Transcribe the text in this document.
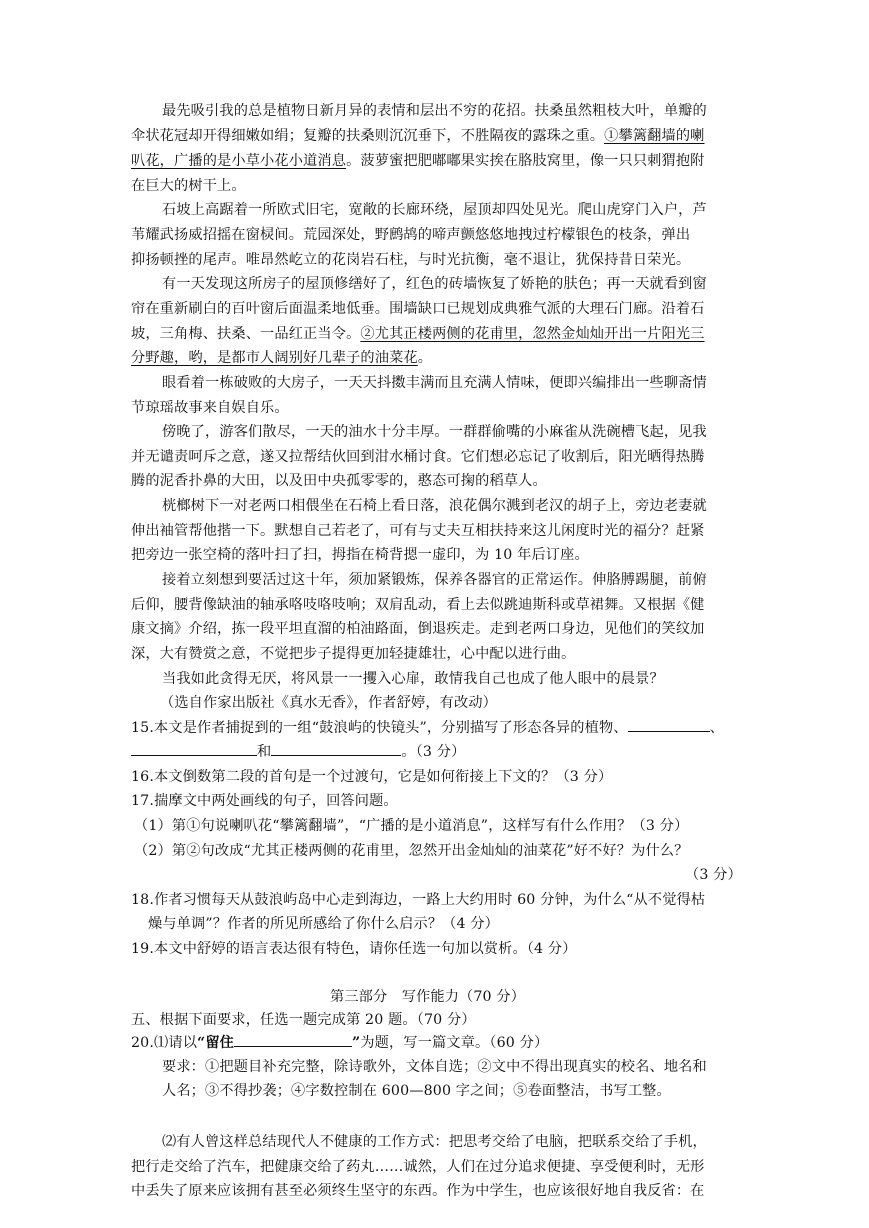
最先吸引我的总是植物日新月异的表情和层出不穷的花招。扶桑虽然粗枝大叶，单瓣的
伞状花冠却开得细嫩如绢；复瓣的扶桑则沉沉垂下，不胜隔夜的露珠之重。①攀篱翻墙的喇
叭花，广播的是小草小花小道消息。菠萝蜜把肥嘟嘟果实挨在胳肢窝里，像一只只刺猬抱附
在巨大的树干上。
石坡上高踞着一所欧式旧宅，宽敞的长廊环绕，屋顶却四处见光。爬山虎穿门入户，芦
苇耀武扬威招摇在窗棂间。荒园深处，野鹧鸪的啼声颤悠悠地拽过柠檬银色的枝条，弹出
抑扬顿挫的尾声。唯昂然屹立的花岗岩石柱，与时光抗衡，毫不退让，犹保持昔日荣光。
有一天发现这所房子的屋顶修缮好了，红色的砖墙恢复了娇艳的肤色；再一天就看到窗
帘在重新刷白的百叶窗后面温柔地低垂。围墙缺口已规划成典雅气派的大理石门廊。沿着石
坡，三角梅、扶桑、一品红正当令。②尤其正楼两侧的花甫里，忽然金灿灿开出一片阳光三
分野趣，哟，是都市人阔别好几辈子的油菜花。
眼看着一栋破败的大房子，一天天抖擞丰满而且充满人情味，便即兴编排出一些聊斋情
节琼瑶故事来自娱自乐。
傍晚了，游客们散尽，一天的油水十分丰厚。一群群偷嘴的小麻雀从洗碗槽飞起，见我
并无谴责呵斥之意，遂又拉帮结伙回到泔水桶讨食。它们想必忘记了收割后，阳光晒得热腾
腾的泥香扑鼻的大田，以及田中央孤零零的，憨态可掬的稻草人。
桄榔树下一对老两口相偎坐在石椅上看日落，浪花偶尔溅到老汉的胡子上，旁边老妻就
伸出袖管帮他揩一下。默想自己若老了，可有与丈夫互相扶持来这儿闲度时光的福分？赶紧
把旁边一张空椅的落叶扫了扫，拇指在椅背摁一虚印，为 10 年后订座。
接着立刻想到要活过这十年，须加紧锻炼，保养各器官的正常运作。伸胳膊踢腿，前俯
后仰，腰背像缺油的轴承咯吱咯吱响；双肩乱动，看上去似跳迪斯科或草裙舞。又根据《健
康文摘》介绍，拣一段平坦直溜的柏油路面，倒退疾走。走到老两口身边，见他们的笑纹加
深，大有赞赏之意，不觉把步子提得更加轻捷雄壮，心中配以进行曲。
当我如此贪得无厌，将风景一一攫入心扉，敢情我自己也成了他人眼中的晨景？
（选自作家出版社《真水无香》，作者舒婷，有改动）
15.本文是作者捕捉到的一组“鼓浪屿的快镜头”，分别描写了形态各异的植物、	、
和	。（3 分）
16.本文倒数第二段的首句是一个过渡句，它是如何衔接上下文的？（3 分）
17.揣摩文中两处画线的句子，回答问题。
（1）第①句说喇叭花“攀篱翻墙”，“广播的是小道消息”，这样写有什么作用？（3 分）
（2）第②句改成“尤其正楼两侧的花甫里，忽然开出金灿灿的油菜花”好不好？为什么？
（3 分）
18.作者习惯每天从鼓浪屿岛中心走到海边，一路上大约用时 60 分钟，为什么“从不觉得枯
燥与单调”？作者的所见所感给了你什么启示？（4 分）
19.本文中舒婷的语言表达很有特色，请你任选一句加以赏析。（4 分）
第三部分　写作能力（70 分）
五、根据下面要求，任选一题完成第 20 题。（70 分）
20.⑴请以“留住	”为题，写一篇文章。（60 分）
要求：①把题目补充完整，除诗歌外，文体自选；②文中不得出现真实的校名、地名和
人名；③不得抄袭；④字数控制在 600—800 字之间；⑤卷面整洁，书写工整。
⑵有人曾这样总结现代人不健康的工作方式：把思考交给了电脑，把联系交给了手机，
把行走交给了汽车，把健康交给了药丸……诚然，人们在过分追求便捷、享受便利时，无形
中丢失了原来应该拥有甚至必须终生坚守的东西。作为中学生，也应该很好地自我反省：在
